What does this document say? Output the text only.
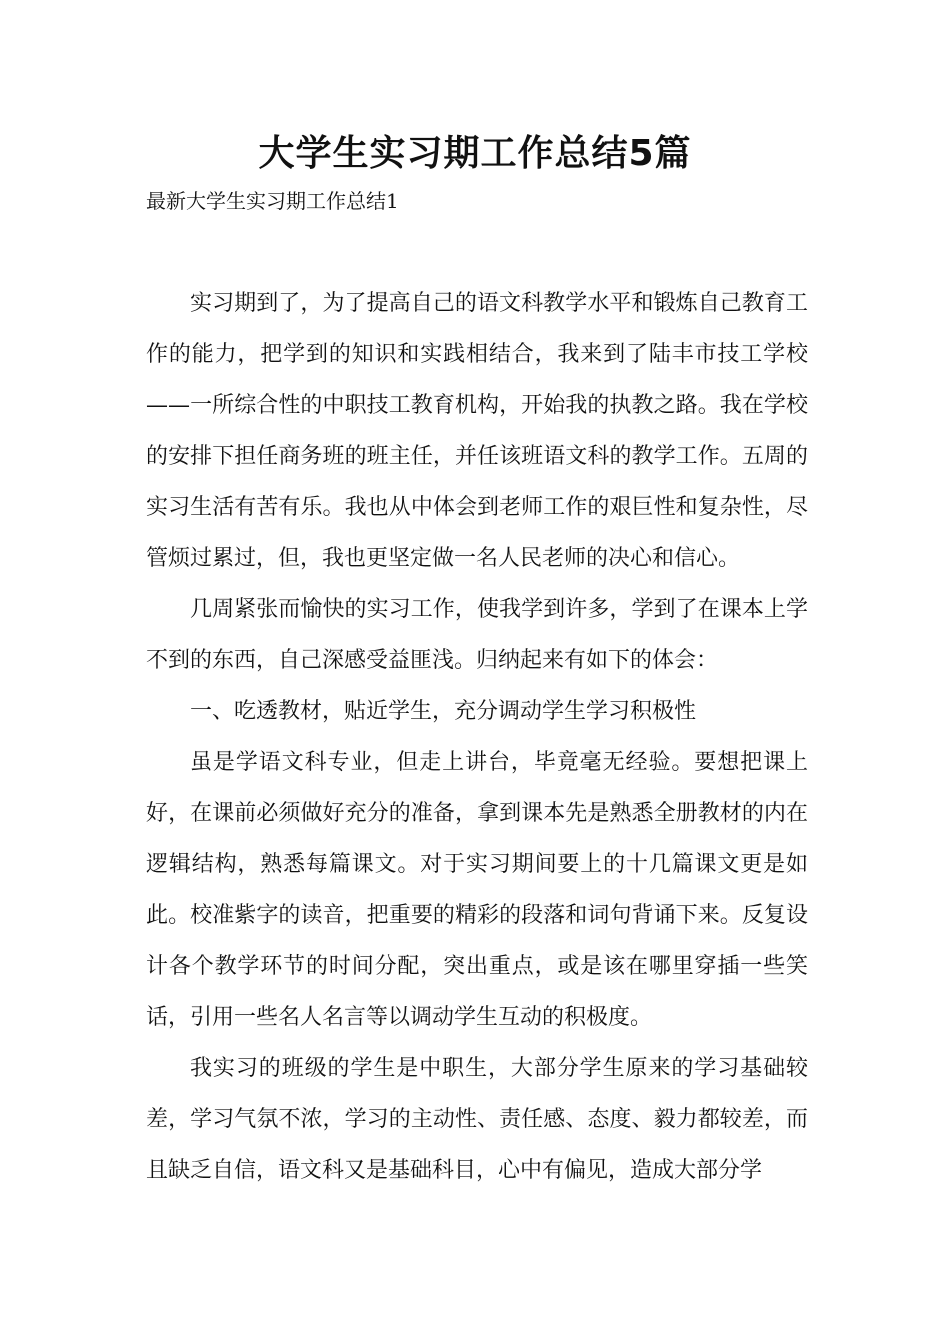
大学生实习期工作总结5篇
最新大学生实习期工作总结1

实习期到了，为了提高自己的语文科教学水平和锻炼自己教育工作的能力，把学到的知识和实践相结合，我来到了陆丰市技工学校——一所综合性的中职技工教育机构，开始我的执教之路。我在学校的安排下担任商务班的班主任，并任该班语文科的教学工作。五周的实习生活有苦有乐。我也从中体会到老师工作的艰巨性和复杂性，尽管烦过累过，但，我也更坚定做一名人民老师的决心和信心。

几周紧张而愉快的实习工作，使我学到许多，学到了在课本上学不到的东西，自己深感受益匪浅。归纳起来有如下的体会：

一、吃透教材，贴近学生，充分调动学生学习积极性

虽是学语文科专业，但走上讲台，毕竟毫无经验。要想把课上好，在课前必须做好充分的准备，拿到课本先是熟悉全册教材的内在逻辑结构，熟悉每篇课文。对于实习期间要上的十几篇课文更是如此。校准紫字的读音，把重要的精彩的段落和词句背诵下来。反复设计各个教学环节的时间分配，突出重点，或是该在哪里穿插一些笑话，引用一些名人名言等以调动学生互动的积极度。

我实习的班级的学生是中职生，大部分学生原来的学习基础较差，学习气氛不浓，学习的主动性、责任感、态度、毅力都较差，而且缺乏自信，语文科又是基础科目，心中有偏见，造成大部分学
